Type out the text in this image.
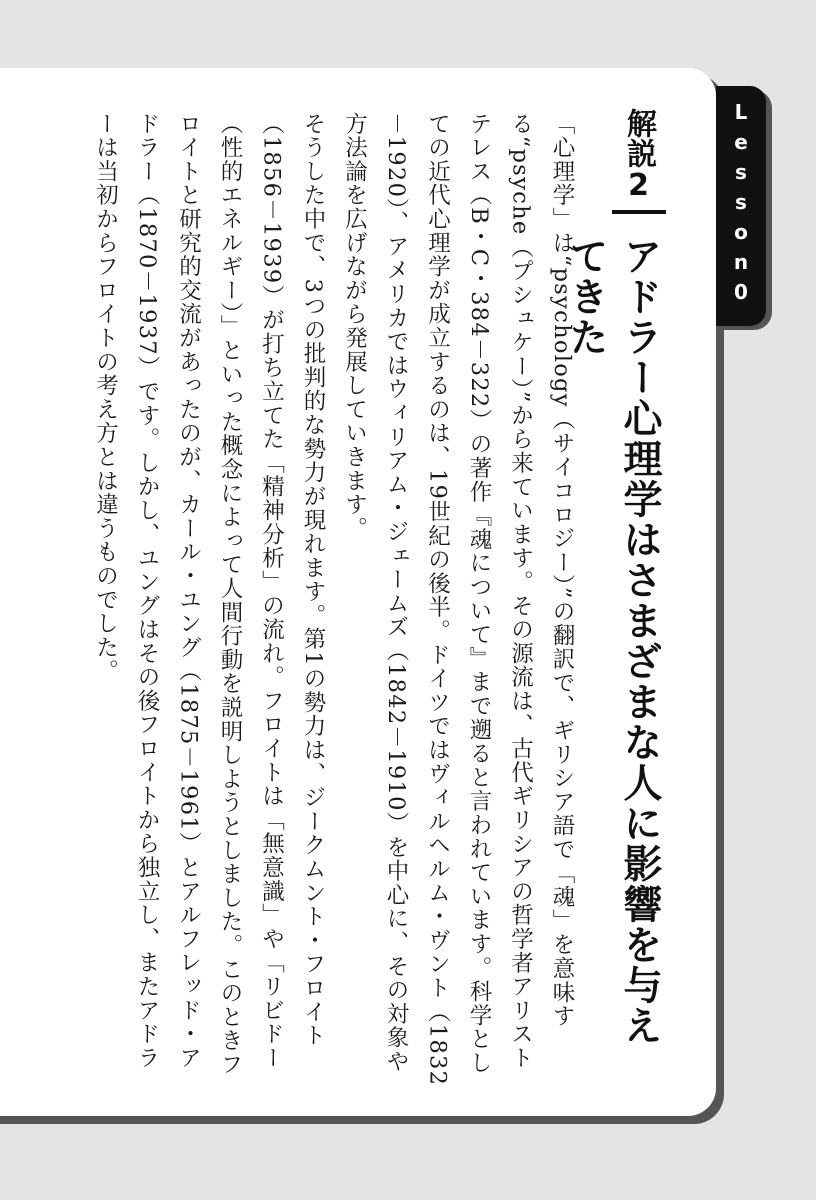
Lesson0
解説2
アドラー心理学はさまざまな人に影響を与えてきた

「心理学」は“psychology（サイコロジー）”の翻訳で、ギリシア語で「魂」を意味する“psyche（プシュケー）”から来ています。その源流は、古代ギリシアの哲学者アリストテレス（B・C・384－322）の著作『魂について』まで遡ると言われています。科学としての近代心理学が成立するのは、19世紀の後半。ドイツではヴィルヘルム・ヴント（1832－1920）、アメリカではウィリアム・ジェームズ（1842－1910）を中心に、その対象や方法論を広げながら発展していきます。

そうした中で、3つの批判的な勢力が現れます。第1の勢力は、ジークムント・フロイト（1856－1939）が打ち立てた「精神分析」の流れ。フロイトは「無意識」や「リビドー（性的エネルギー）」といった概念によって人間行動を説明しようとしました。このときフロイトと研究的交流があったのが、カール・ユング（1875－1961）とアルフレッド・アドラー（1870－1937）です。しかし、ユングはその後フロイトから独立し、またアドラーは当初からフロイトの考え方とは違うものでした。
